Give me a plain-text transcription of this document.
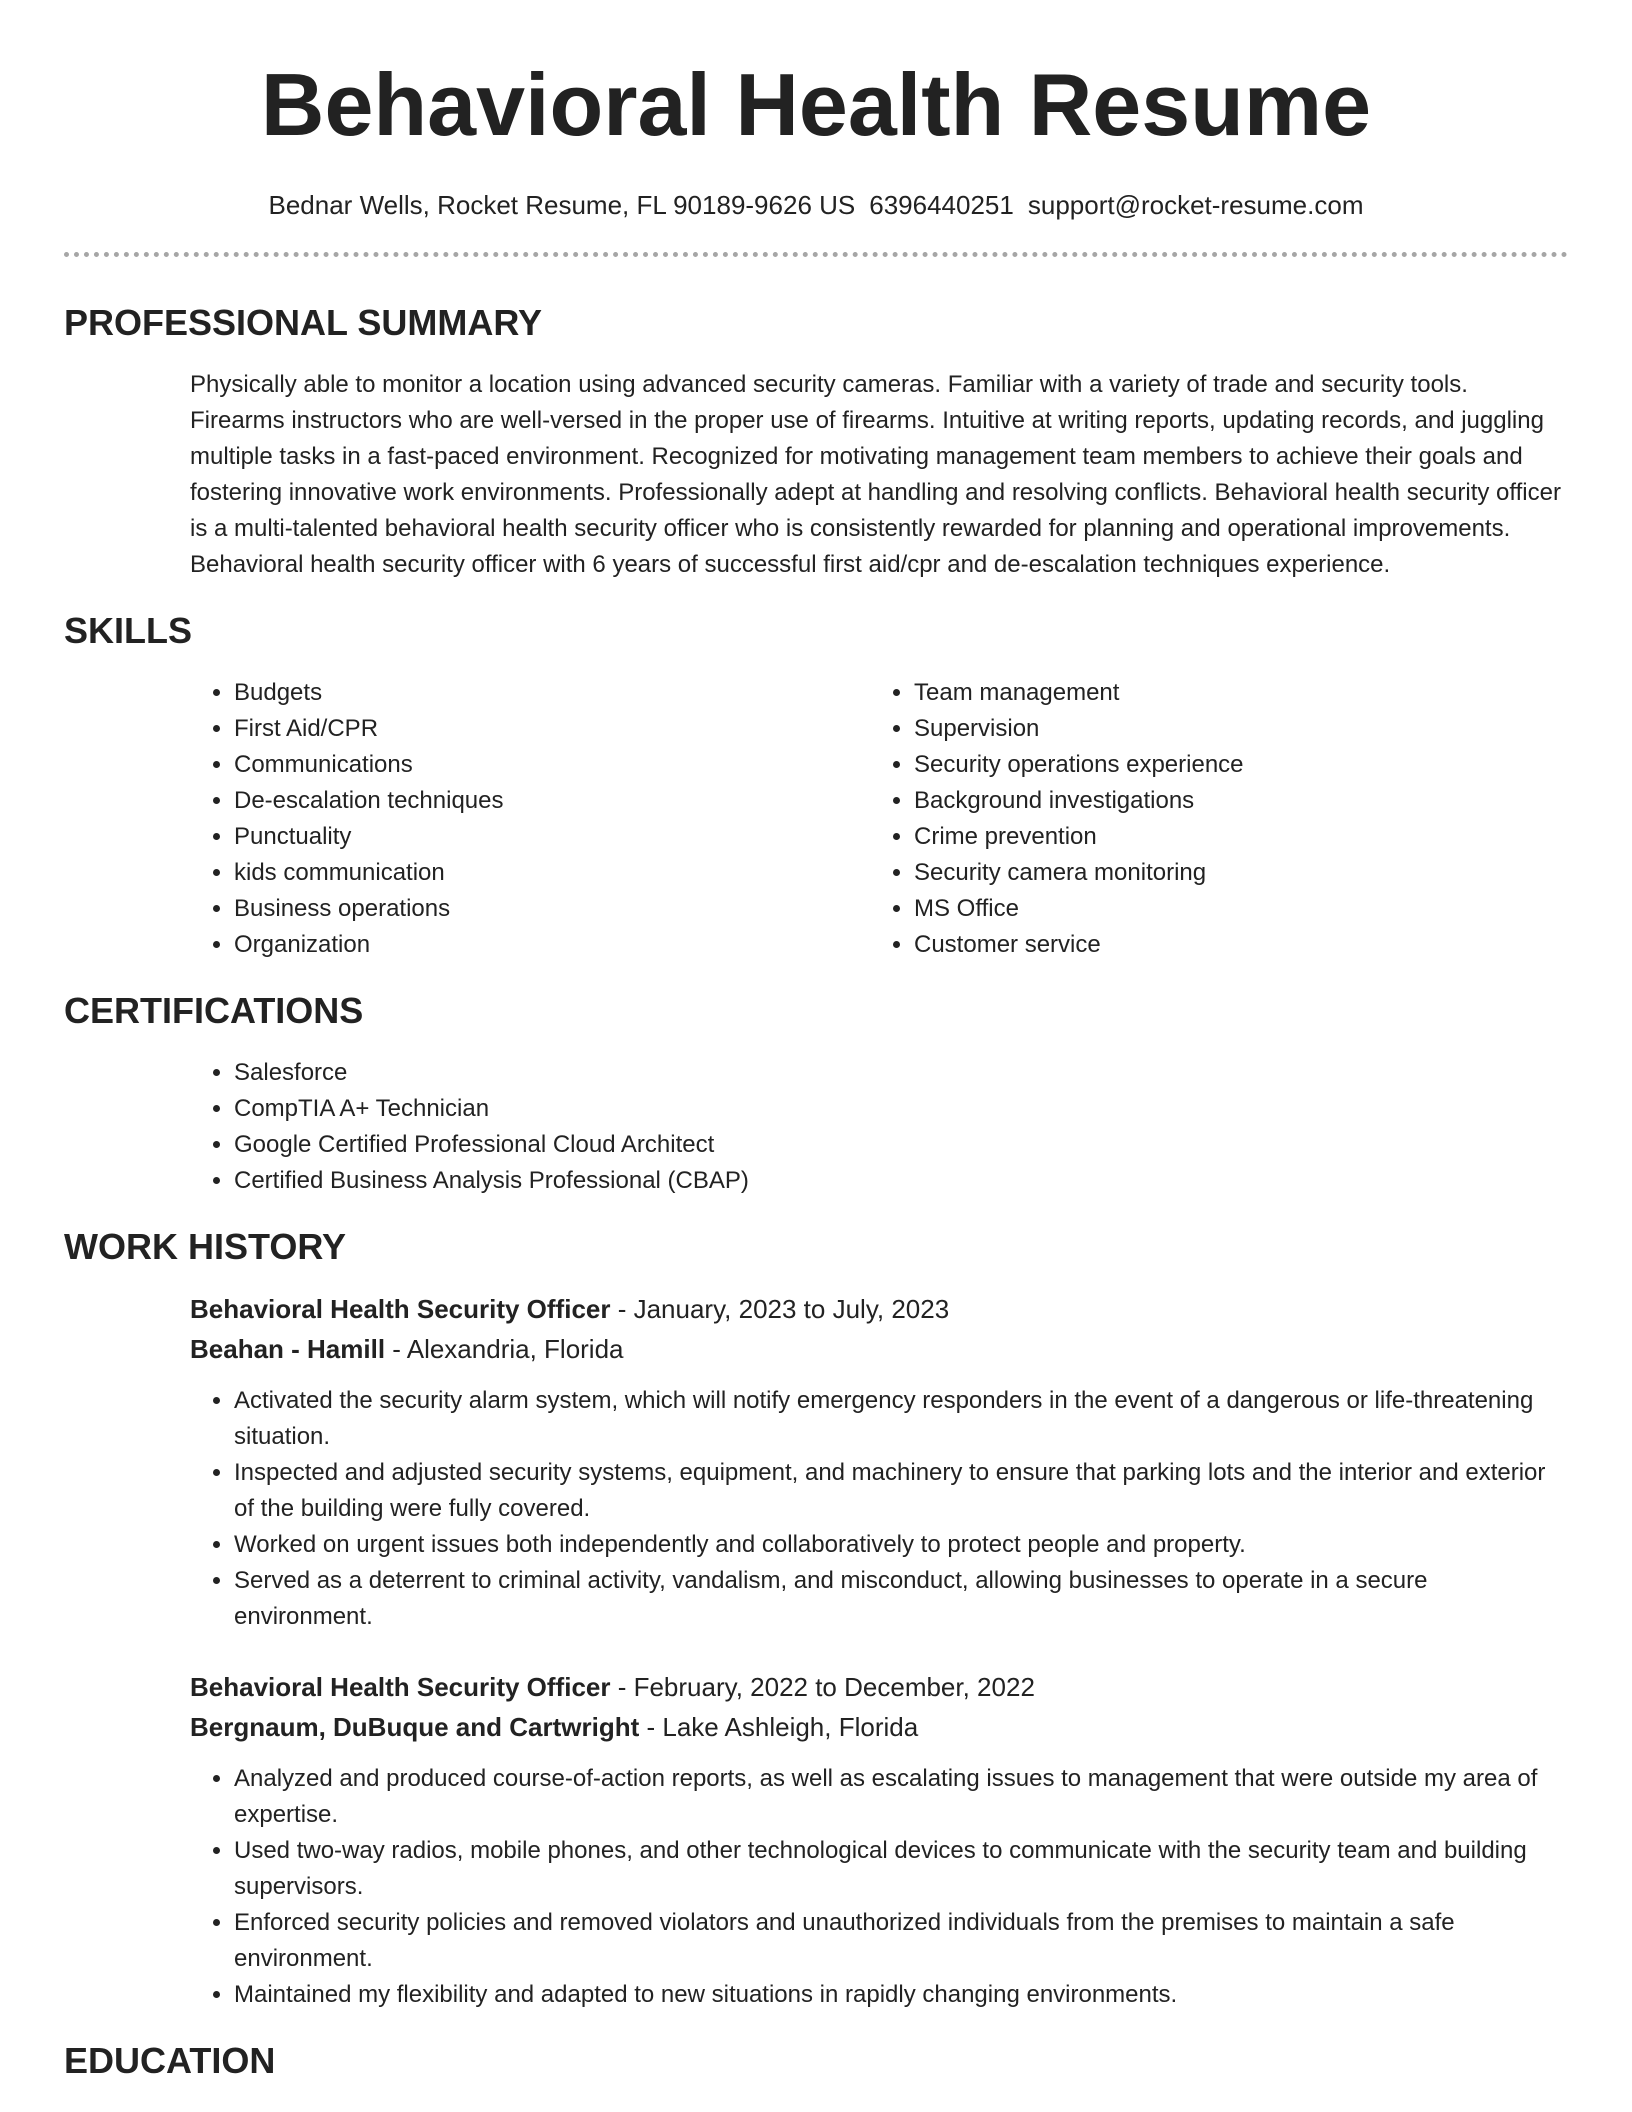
Behavioral Health Resume
Bednar Wells, Rocket Resume, FL 90189-9626 US 6396440251 support@rocket-resume.com
PROFESSIONAL SUMMARY
Physically able to monitor a location using advanced security cameras. Familiar with a variety of trade and security tools. Firearms instructors who are well-versed in the proper use of firearms. Intuitive at writing reports, updating records, and juggling multiple tasks in a fast-paced environment. Recognized for motivating management team members to achieve their goals and fostering innovative work environments. Professionally adept at handling and resolving conflicts. Behavioral health security officer is a multi-talented behavioral health security officer who is consistently rewarded for planning and operational improvements. Behavioral health security officer with 6 years of successful first aid/cpr and de-escalation techniques experience.
SKILLS
• Budgets
• First Aid/CPR
• Communications
• De-escalation techniques
• Punctuality
• kids communication
• Business operations
• Organization
• Team management
• Supervision
• Security operations experience
• Background investigations
• Crime prevention
• Security camera monitoring
• MS Office
• Customer service
CERTIFICATIONS
• Salesforce
• CompTIA A+ Technician
• Google Certified Professional Cloud Architect
• Certified Business Analysis Professional (CBAP)
WORK HISTORY
Behavioral Health Security Officer - January, 2023 to July, 2023
Beahan - Hamill - Alexandria, Florida
• Activated the security alarm system, which will notify emergency responders in the event of a dangerous or life-threatening situation.
• Inspected and adjusted security systems, equipment, and machinery to ensure that parking lots and the interior and exterior of the building were fully covered.
• Worked on urgent issues both independently and collaboratively to protect people and property.
• Served as a deterrent to criminal activity, vandalism, and misconduct, allowing businesses to operate in a secure environment.
Behavioral Health Security Officer - February, 2022 to December, 2022
Bergnaum, DuBuque and Cartwright - Lake Ashleigh, Florida
• Analyzed and produced course-of-action reports, as well as escalating issues to management that were outside my area of expertise.
• Used two-way radios, mobile phones, and other technological devices to communicate with the security team and building supervisors.
• Enforced security policies and removed violators and unauthorized individuals from the premises to maintain a safe environment.
• Maintained my flexibility and adapted to new situations in rapidly changing environments.
EDUCATION
